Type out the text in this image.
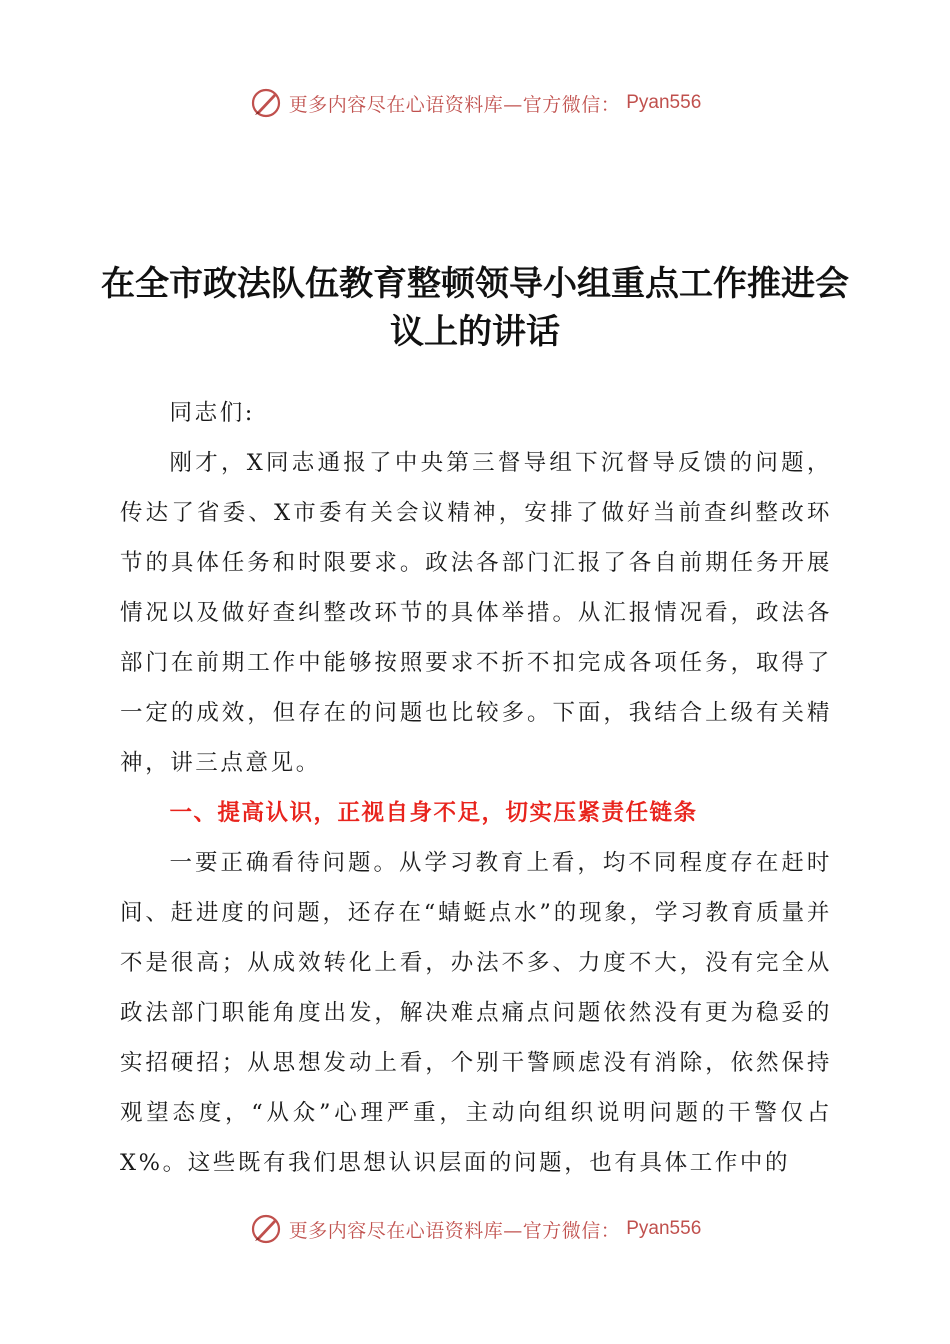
更多内容尽在心语资料库—官方微信： Pyan556
在全市政法队伍教育整顿领导小组重点工作推进会议上的讲话

同志们:

刚才，X同志通报了中央第三督导组下沉督导反馈的问题，传达了省委、X市委有关会议精神，安排了做好当前查纠整改环节的具体任务和时限要求。政法各部门汇报了各自前期任务开展情况以及做好查纠整改环节的具体举措。从汇报情况看，政法各部门在前期工作中能够按照要求不折不扣完成各项任务，取得了一定的成效，但存在的问题也比较多。下面，我结合上级有关精神，讲三点意见。

一、提高认识，正视自身不足，切实压紧责任链条

一要正确看待问题。从学习教育上看，均不同程度存在赶时间、赶进度的问题，还存在“蜻蜓点水”的现象，学习教育质量并不是很高；从成效转化上看，办法不多、力度不大，没有完全从政法部门职能角度出发，解决难点痛点问题依然没有更为稳妥的实招硬招；从思想发动上看，个别干警顾虑没有消除，依然保持观望态度，“从众”心理严重，主动向组织说明问题的干警仅占X%。这些既有我们思想认识层面的问题，也有具体工作中的

更多内容尽在心语资料库—官方微信： Pyan556
